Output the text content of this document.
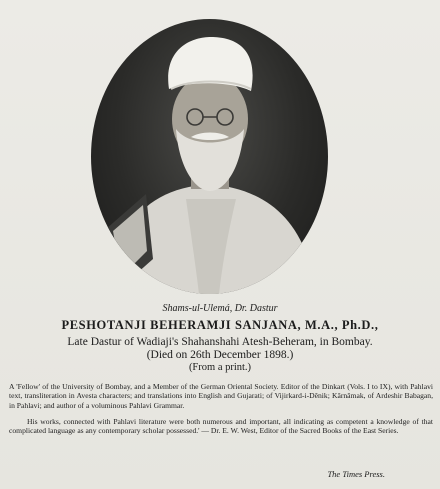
Shams-ul-Ulemá, Dr. Dastur
PESHOTANJI BEHERAMJI SANJANA, M.A., Ph.D.,
Late Dastur of Wadiaji's Shahanshahi Atesh-Beheram, in Bombay.
(Died on 26th December 1898.)
(From a print.)
A 'Fellow' of the University of Bombay, and a Member of the German Oriental Society. Editor of the Dinkart (Vols. I to IX), with Pahlavi text, transliteration in Avesta characters; and translations into English and Gujarati; of Vijirkard-i-Dênik; Kârnâmak, of Ardeshir Babagan, in Pahlavi; and author of a voluminous Pahlavi Grammar.
His works, connected with Pahlavi literature were both numerous and important, all indicating as competent a knowledge of that complicated language as any contemporary scholar possessed.' — Dr. E. W. West, Editor of the Sacred Books of the East Series.
The Times Press.
